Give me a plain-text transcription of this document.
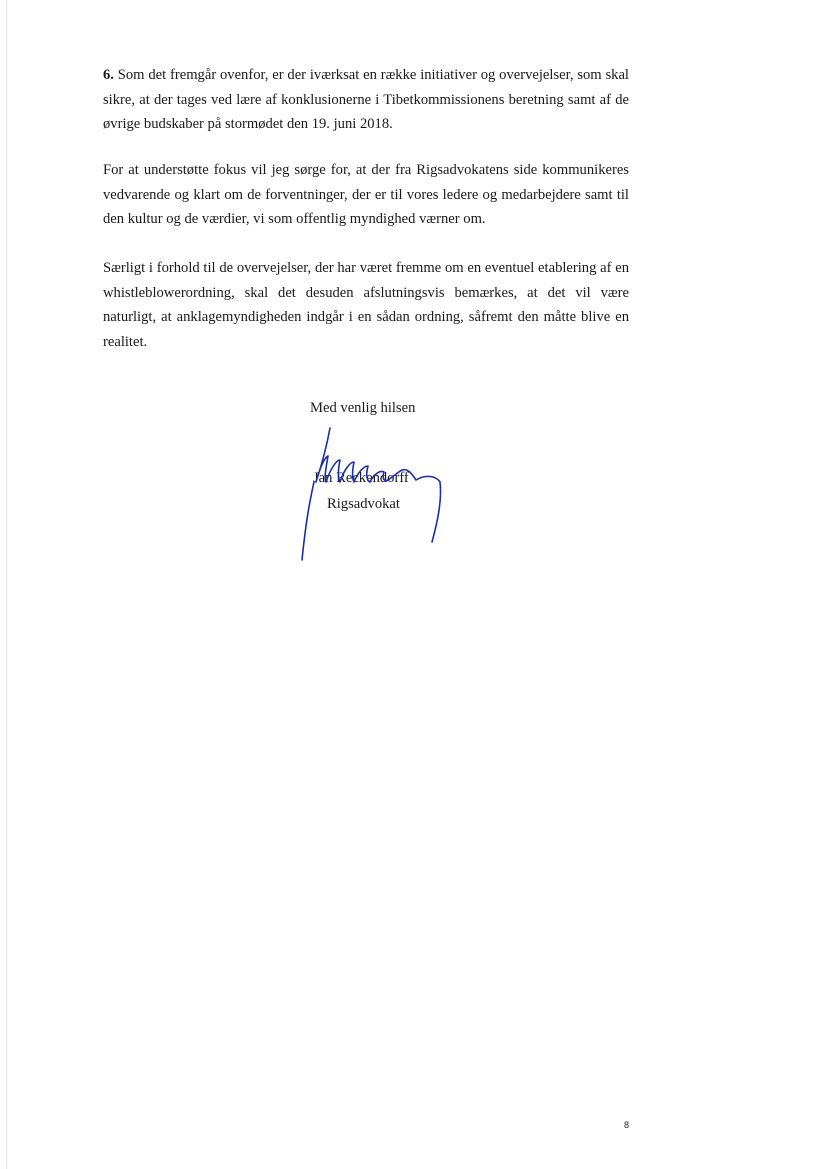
6. Som det fremgår ovenfor, er der iværksat en række initiativer og overvejelser, som skal sikre, at der tages ved lære af konklusionerne i Tibetkommissionens beretning samt af de øvrige budskaber på stormødet den 19. juni 2018.

For at understøtte fokus vil jeg sørge for, at der fra Rigsadvokatens side kommunikeres vedvarende og klart om de forventninger, der er til vores ledere og medarbejdere samt til den kultur og de værdier, vi som offentlig myndighed værner om.

Særligt i forhold til de overvejelser, der har været fremme om en eventuel etablering af en whistleblowerordning, skal det desuden afslutningsvis bemærkes, at det vil være naturligt, at anklagemyndigheden indgår i en sådan ordning, såfremt den måtte blive en realitet.

Med venlig hilsen
Jan Reckendorff
Rigsadvokat
8
